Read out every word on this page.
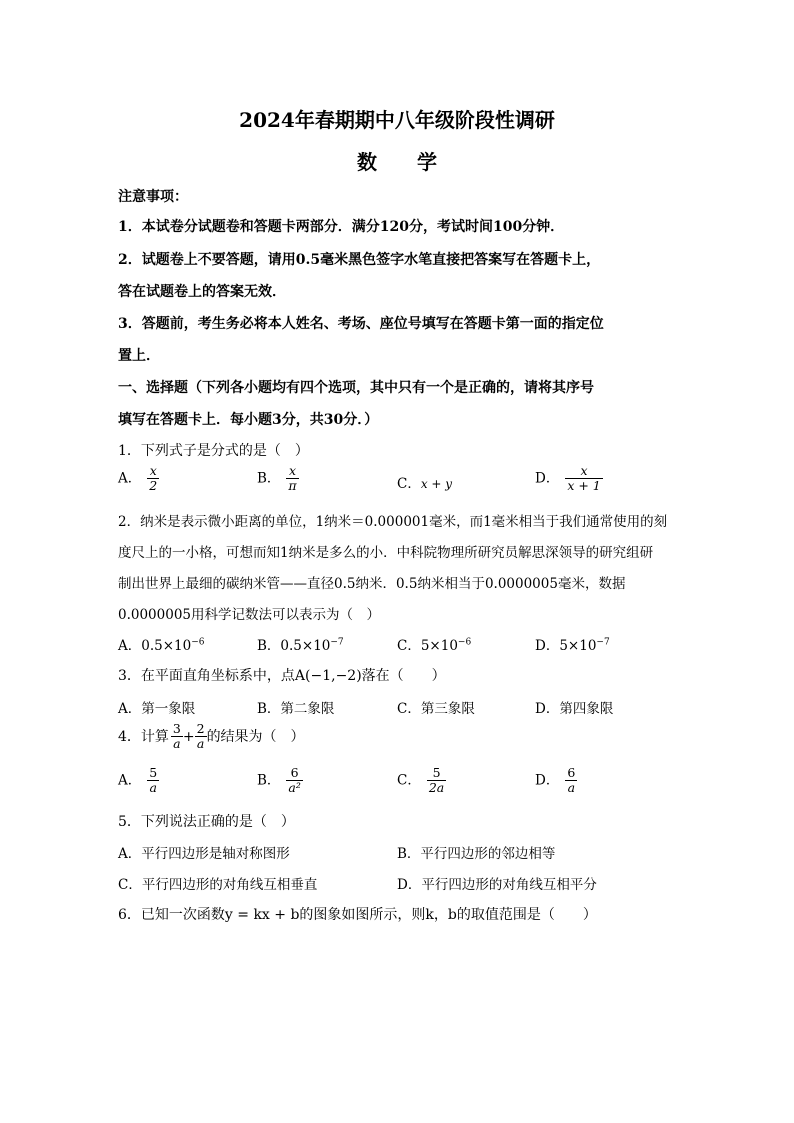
2024年春期期中八年级阶段性调研
数　　学
注意事项：
1．本试卷分试题卷和答题卡两部分．满分120分，考试时间100分钟．
2．试题卷上不要答题，请用0.5毫米黑色签字水笔直接把答案写在答题卡上，
答在试题卷上的答案无效．
3．答题前，考生务必将本人姓名、考场、座位号填写在答题卡第一面的指定位
置上．
一、选择题（下列各小题均有四个选项，其中只有一个是正确的，请将其序号
填写在答题卡上．每小题3分，共30分．）
1．下列式子是分式的是（　）
A． $\frac{x}{2}$	B． $\frac{x}{\pi}$	C．x + y	D． $\frac{x}{x + 1}$
2．纳米是表示微小距离的单位，1纳米＝0.000001毫米，而1毫米相当于我们通常使用的刻
度尺上的一小格，可想而知1纳米是多么的小．中科院物理所研究员解思深领导的研究组研
制出世界上最细的碳纳米管——直径0.5纳米．0.5纳米相当于0.0000005毫米，数据
0.0000005用科学记数法可以表示为（　）
A．$0.5\times 10^{-6}$	B．$0.5\times 10^{-7}$	C．$5\times 10^{-6}$	D．$5\times 10^{-7}$
3．在平面直角坐标系中，点A(−1,−2)落在（　　）
A．第一象限	B．第二象限	C．第三象限	D．第四象限
4．计算 $\frac{3}{a} + \frac{2}{a}$ 的结果为（　）
A． $\frac{5}{a}$	B． $\frac{6}{\text{a²}}$	C． $\frac{5}{2a}$	D． $\frac{6}{a}$
5．下列说法正确的是（　）
A．平行四边形是轴对称图形	B．平行四边形的邻边相等
C．平行四边形的对角线互相垂直	D．平行四边形的对角线互相平分
6．已知一次函数y = kx + b的图象如图所示，则k，b的取值范围是（　　）
